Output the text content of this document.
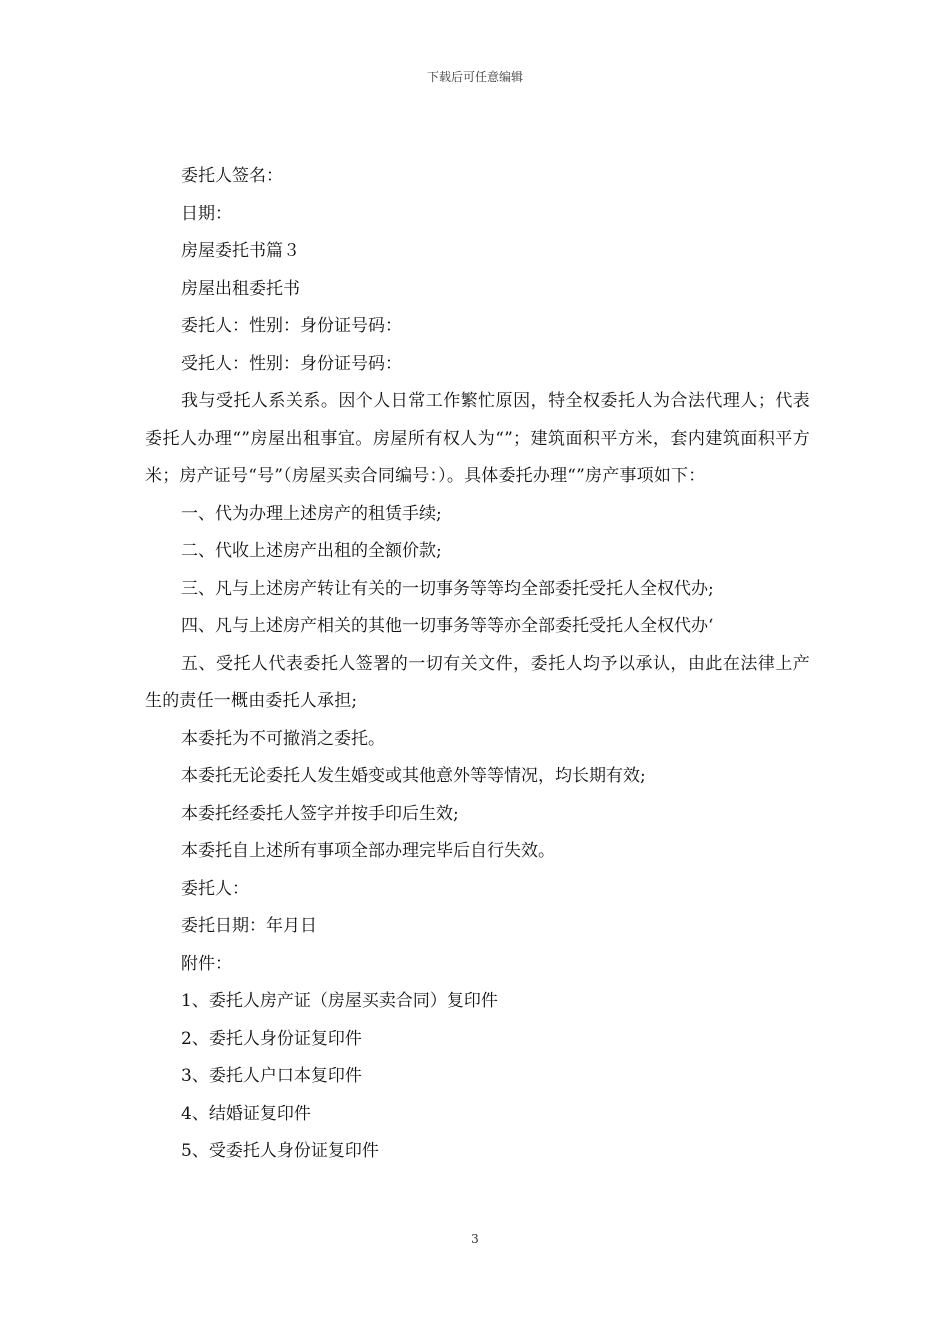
下载后可任意编辑
委托人签名：
日期：
房屋委托书篇３
房屋出租委托书
委托人：性别：身份证号码：
受托人：性别：身份证号码：
我与受托人系关系。因个人日常工作繁忙原因，特全权委托人为合法代理人；代表委托人办理“”房屋出租事宜。房屋所有权人为“”；建筑面积平方米，套内建筑面积平方米；房产证号“号”（房屋买卖合同编号：）。具体委托办理“”房产事项如下：
一、代为办理上述房产的租赁手续;
二、代收上述房产出租的全额价款;
三、凡与上述房产转让有关的一切事务等等均全部委托受托人全权代办;
四、凡与上述房产相关的其他一切事务等等亦全部委托受托人全权代办‘
五、受托人代表委托人签署的一切有关文件，委托人均予以承认，由此在法律上产生的责任一概由委托人承担;
本委托为不可撤消之委托。
本委托无论委托人发生婚变或其他意外等等情况，均长期有效;
本委托经委托人签字并按手印后生效;
本委托自上述所有事项全部办理完毕后自行失效。
委托人：
委托日期：年月日
附件：
1、委托人房产证（房屋买卖合同）复印件
2、委托人身份证复印件
3、委托人户口本复印件
4、结婚证复印件
5、受委托人身份证复印件
3
